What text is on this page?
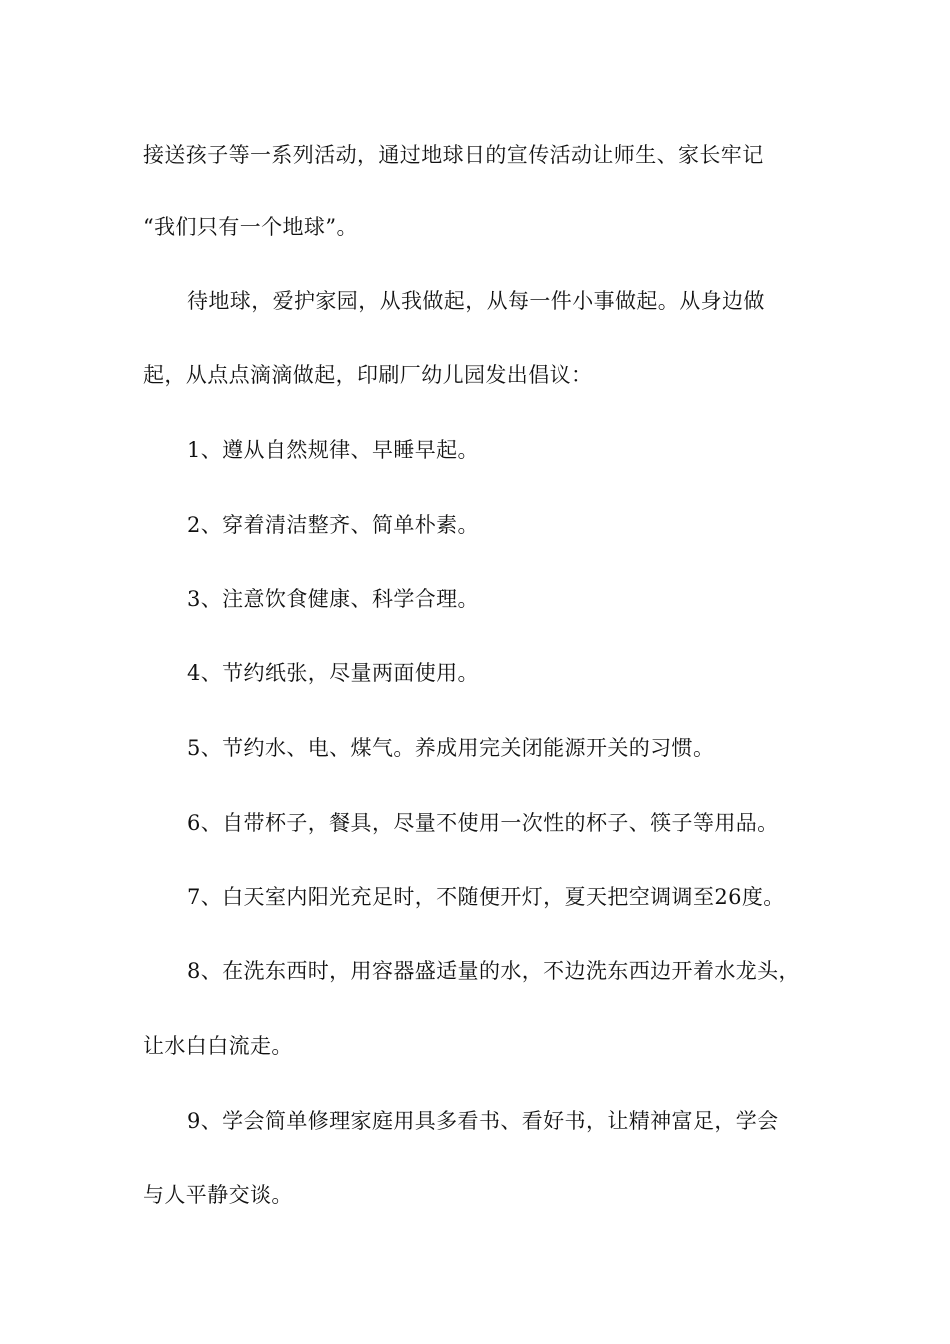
接送孩子等一系列活动，通过地球日的宣传活动让师生、家长牢记
“我们只有一个地球”。
待地球，爱护家园，从我做起，从每一件小事做起。从身边做
起，从点点滴滴做起，印刷厂幼儿园发出倡议：
1、遵从自然规律、早睡早起。
2、穿着清洁整齐、简单朴素。
3、注意饮食健康、科学合理。
4、节约纸张，尽量两面使用。
5、节约水、电、煤气。养成用完关闭能源开关的习惯。
6、自带杯子，餐具，尽量不使用一次性的杯子、筷子等用品。
7、白天室内阳光充足时，不随便开灯，夏天把空调调至26度。
8、在洗东西时，用容器盛适量的水，不边洗东西边开着水龙头，
让水白白流走。
9、学会简单修理家庭用具多看书、看好书，让精神富足，学会
与人平静交谈。
